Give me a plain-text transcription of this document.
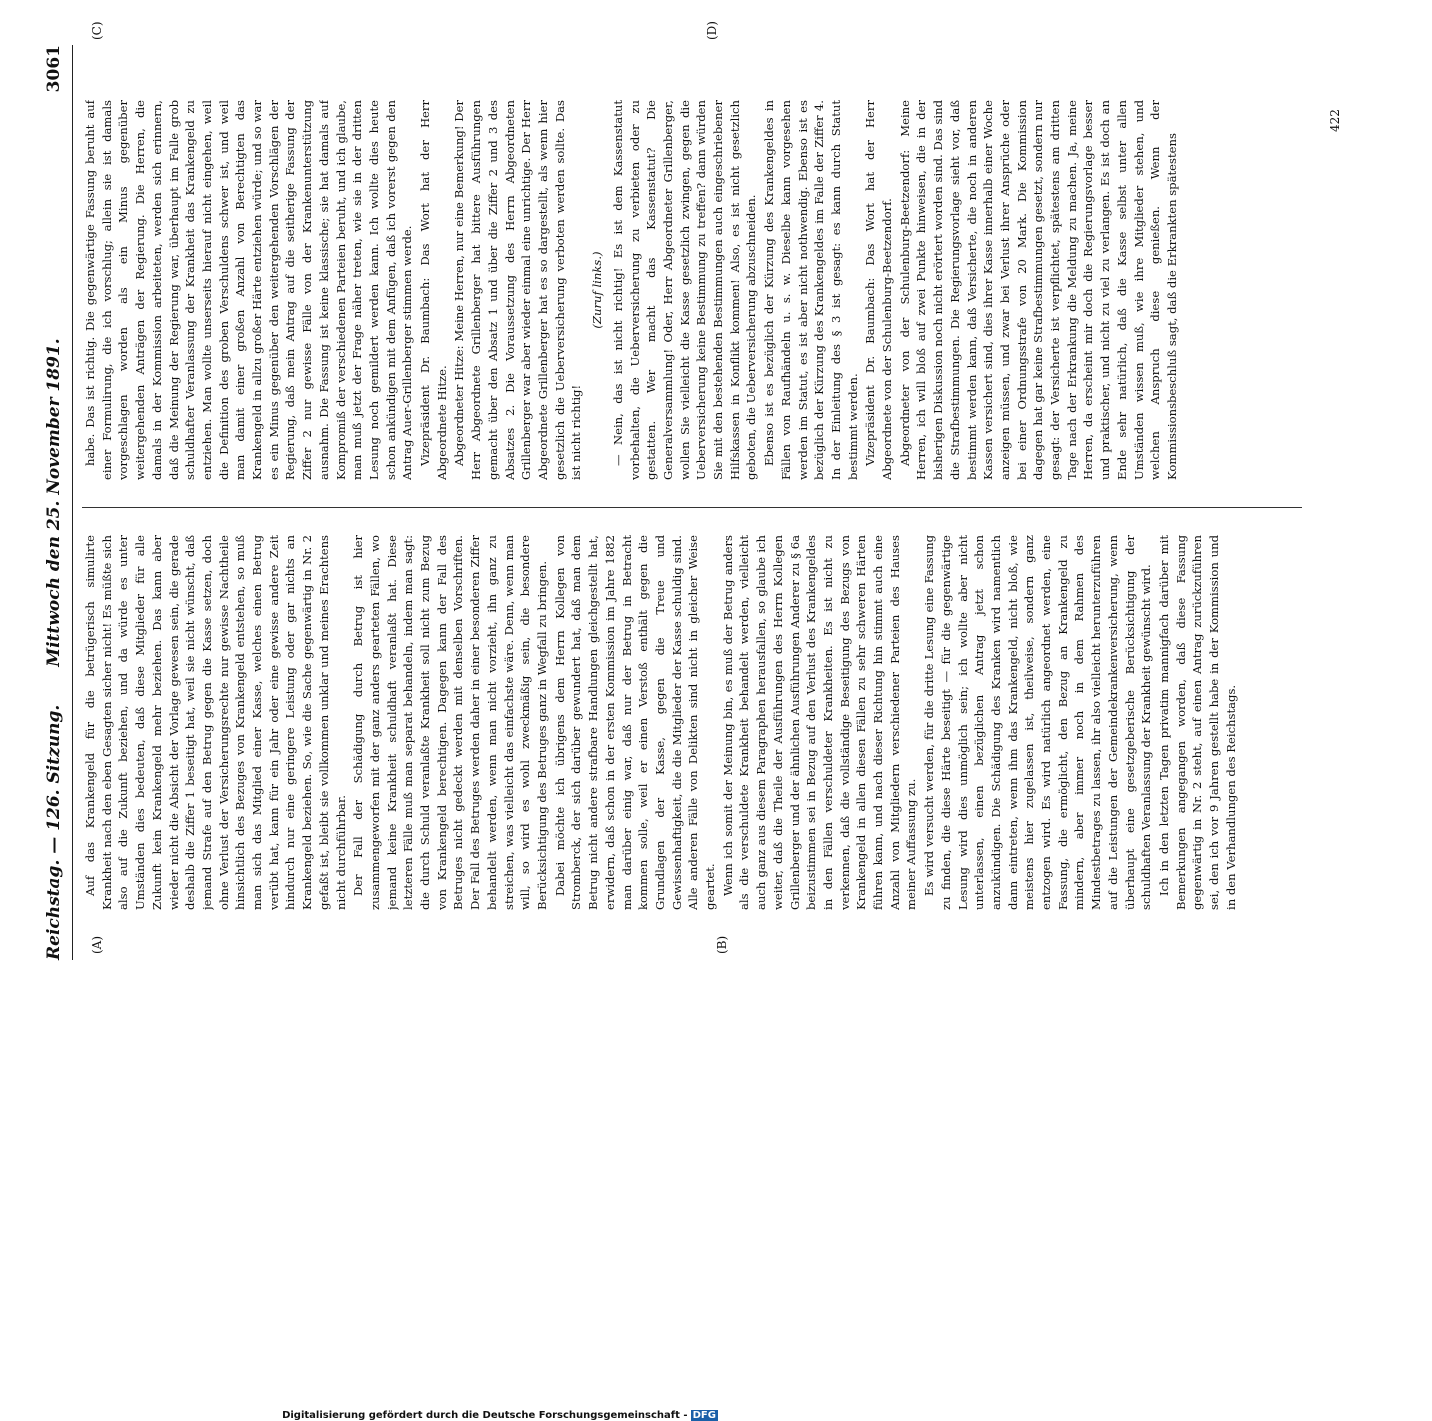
Reichstag. — 126. Sitzung.
Mittwoch den 25. November 1891.
3061
(A)	(B)
(C)	(D)

Auf das Krankengeld für die betrügerisch simulirte Krankheit nach den eben Gesagten sicher nicht! Es müßte sich also auf die Zukunft beziehen, und da würde es unter Umständen dies bedeuten, daß diese Mitglieder für alle Zukunft kein Krankengeld mehr beziehen. Das kann aber wieder nicht die Absicht der Vorlage gewesen sein, die gerade deshalb die Ziffer 1 beseitigt hat, weil sie nicht wünscht, daß jemand Strafe auf den Betrug gegen die Kasse setzen, doch ohne Verlust der Versicherungsrechte nur gewisse Nachtheile hinsichtlich des Bezuges von Krankengeld entstehen, so muß man sich das Mitglied einer Kasse, welches einen Betrug verübt hat, kann für ein Jahr oder eine gewisse andere Zeit hindurch nur eine geringere Leistung oder gar nichts an Krankengeld beziehen. So, wie die Sache gegenwärtig in Nr. 2 gefaßt ist, bleibt sie vollkommen unklar und meines Erachtens nicht durchführbar. Der Fall der Schädigung durch Betrug ist hier zusammengeworfen mit der ganz anders gearteten Fällen, wo jemand keine Krankheit schuldhaft veranlaßt hat. Diese letzteren Fälle muß man separat behandeln, indem man sagt: die durch Schuld veranlaßte Krankheit soll nicht zum Bezug von Krankengeld berechtigen. Dagegen kann der Fall des Betruges nicht gedeckt werden mit denselben Vorschriften. Der Fall des Betruges werden daher in einer besonderen Ziffer behandelt werden, wenn man nicht vorzieht, ihn ganz zu streichen, was vielleicht das einfachste wäre. Denn, wenn man will, so wird es wohl zweckmäßig sein, die besondere Berücksichtigung des Betruges ganz in Wegfall zu bringen. Dabei möchte ich übrigens dem Herrn Kollegen von Stromberck, der sich darüber gewundert hat, daß man dem Betrug nicht andere strafbare Handlungen gleichgestellt hat, erwidern, daß schon in der ersten Kommission im Jahre 1882 man darüber einig war, daß nur der Betrug in Betracht kommen solle, weil er einen Verstoß enthält gegen die Grundlagen der Kasse, gegen die Treue und Gewissenhaftigkeit, die die Mitglieder der Kasse schuldig sind. Alle anderen Fälle von Delikten sind nicht in gleicher Weise geartet. Wenn ich somit der Meinung bin, es muß der Betrug anders als die verschuldete Krankheit behandelt werden, vielleicht auch ganz aus diesem Paragraphen herausfallen, so glaube ich weiter, daß die Theile der Ausführungen des Herrn Kollegen Grillenberger und der ähnlichen Ausführungen Anderer zu § 6a beizustimmen sei in Bezug auf den Verlust des Krankengeldes in den Fällen verschuldeter Krankheiten. Es ist nicht zu verkennen, daß die vollständige Beseitigung des Bezugs von Krankengeld in allen diesen Fällen zu sehr schweren Härten führen kann, und nach dieser Richtung hin stimmt auch eine Anzahl von Mitgliedern verschiedener Parteien des Hauses meiner Auffassung zu. Es wird versucht werden, für die dritte Lesung eine Fassung zu finden, die diese Härte beseitigt — für die gegenwärtige Lesung wird dies unmöglich sein; ich wollte aber nicht unterlassen, einen bezüglichen Antrag jetzt schon anzukündigen. Die Schädigung des Kranken wird namentlich dann eintreten, wenn ihm das Krankengeld, nicht bloß, wie meistens hier zugelassen ist, theilweise, sondern ganz entzogen wird. Es wird natürlich angeordnet werden, eine Fassung, die ermöglicht, den Bezug an Krankengeld zu mindern, aber immer noch in dem Rahmen des Mindestbetrages zu lassen, ihr also vielleicht herunterzuführen auf die Leistungen der Gemeindekrankenversicherung, wenn überhaupt eine gesetzgeberische Berücksichtigung der schuldhaften Veranlassung der Krankheit gewünscht wird. Ich in den letzten Tagen privatim mannigfach darüber mit Bemerkungen angegangen worden, daß diese Fassung gegenwärtig in Nr. 2 steht, auf einen Antrag zurückzuführen sei, den ich vor 9 Jahren gestellt habe in der Kommission und in den Verhandlungen des Reichstags.

habe. Das ist richtig. Die gegenwärtige Fassung beruht auf einer Formulirung, die ich vorschlug; allein sie ist damals vorgeschlagen worden als ein Minus gegenüber weitergehenden Anträgen der Regierung. Die Herren, die damals in der Kommission arbeiteten, werden sich erinnern, daß die Meinung der Regierung war, überhaupt im Falle grob schuldhafter Veranlassung der Krankheit das Krankengeld zu entziehen. Man wollte unserseits hierauf nicht eingehen, weil die Definition des groben Verschuldens schwer ist, und weil man damit einer großen Anzahl von Berechtigten das Krankengeld in allzu großer Härte entziehen würde; und so war es ein Minus gegenüber den weitergehenden Vorschlägen der Regierung, daß mein Antrag auf die seitherige Fassung der Ziffer 2 nur gewisse Fälle von der Krankenunterstützung ausnahm. Die Fassung ist keine klassische; sie hat damals auf Kompromiß der verschiedenen Parteien beruht, und ich glaube, man muß jetzt der Frage näher treten, wie sie in der dritten Lesung noch gemildert werden kann. Ich wollte dies heute schon ankündigen mit dem Anfügen, daß ich vorerst gegen den Antrag Auer-Grillenberger stimmen werde. Vizepräsident Dr. Baumbach: Das Wort hat der Herr Abgeordnete Hitze. Abgeordneter Hitze: Meine Herren, nur eine Bemerkung! Der Herr Abgeordnete Grillenberger hat bittere Ausführungen gemacht über den Absatz 1 und über die Ziffer 2 und 3 des Absatzes 2. Die Voraussetzung des Herrn Abgeordneten Grillenberger war aber wieder einmal eine unrichtige. Der Herr Abgeordnete Grillenberger hat es so dargestellt, als wenn hier gesetzlich die Ueberversicherung verboten werden sollte. Das ist nicht richtig!

(Zuruf links.) — Nein, das ist nicht richtig! Es ist dem Kassenstatut vorbehalten, die Ueberversicherung zu verbieten oder zu gestatten. Wer macht das Kassenstatut? Die Generalversammlung! Oder, Herr Abgeordneter Grillenberger, wollen Sie vielleicht die Kasse gesetzlich zwingen, gegen die Ueberversicherung keine Bestimmung zu treffen? dann würden Sie mit den bestehenden Bestimmungen auch eingeschriebener Hilfskassen in Konflikt kommen! Also, es ist nicht gesetzlich geboten, die Ueberversicherung abzuschneiden. Ebenso ist es bezüglich der Kürzung des Krankengeldes in Fällen von Raufhändeln u. s. w. Dieselbe kann vorgesehen werden im Statut, es ist aber nicht nothwendig. Ebenso ist es bezüglich der Kürzung des Krankengeldes im Falle der Ziffer 4. In der Einleitung des § 3 ist gesagt: es kann durch Statut bestimmt werden. Vizepräsident Dr. Baumbach: Das Wort hat der Herr Abgeordnete von der Schulenburg-Beetzendorf. Abgeordneter von der Schulenburg-Beetzendorf: Meine Herren, ich will bloß auf zwei Punkte hinweisen, die in der bisherigen Diskussion noch nicht erörtert worden sind. Das sind die Strafbestimmungen. Die Regierungsvorlage sieht vor, daß bestimmt werden kann, daß Versicherte, die noch in anderen Kassen versichert sind, dies ihrer Kasse innerhalb einer Woche anzeigen müssen, und zwar bei Verlust ihrer Ansprüche oder bei einer Ordnungsstrafe von 20 Mark. Die Kommission dagegen hat gar keine Strafbestimmungen gesetzt, sondern nur gesagt: der Versicherte ist verpflichtet, spätestens am dritten Tage nach der Erkrankung die Meldung zu machen. Ja, meine Herren, da erscheint mir doch die Regierungsvorlage besser und praktischer, und nicht zu viel zu verlangen. Es ist doch an Ende sehr natürlich, daß die Kasse selbst unter allen Umständen wissen muß, wie ihre Mitglieder stehen, und welchen Anspruch diese genießen. Wenn der Kommissionsbeschluß sagt, daß die Erkrankten spätestens

422
Digitalisierung gefördert durch die Deutsche Forschungsgemeinschaft - DFG
